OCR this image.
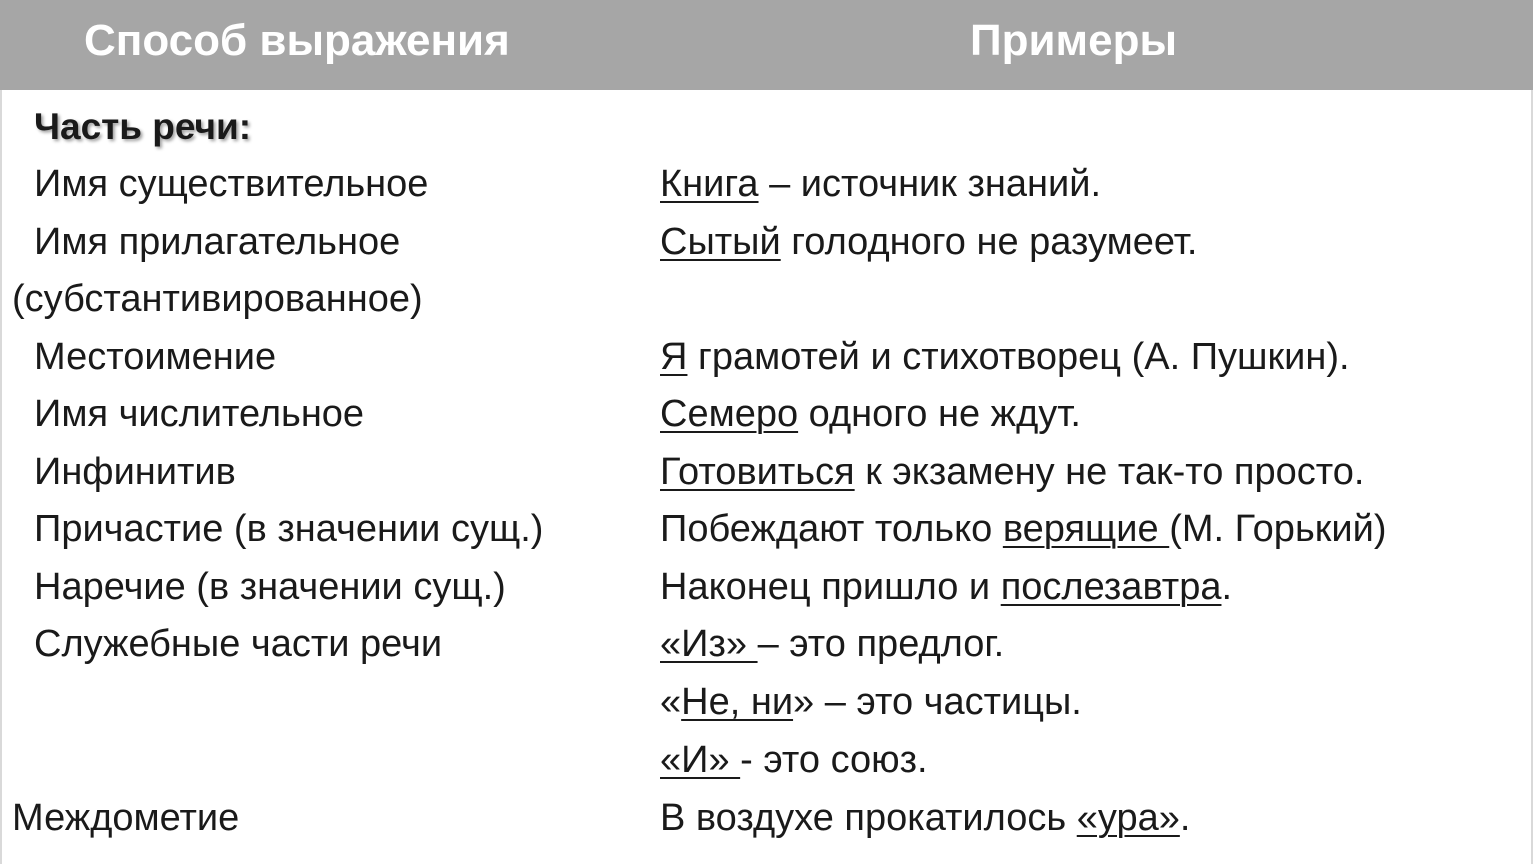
Способ выражения	Примеры
Часть речи:
Имя существительное	Книга – источник знаний.
Имя прилагательное	Сытый голодного не разумеет.
(субстантивированное)
Местоимение	Я грамотей и стихотворец (А. Пушкин).
Имя числительное	Семеро одного не ждут.
Инфинитив	Готовиться к экзамену не так-то просто.
Причастие (в значении сущ.)	Побеждают только верящие (М. Горький)
Наречие (в значении сущ.)	Наконец пришло и послезавтра.
Служебные части речи	«Из» – это предлог.
«Не, ни» – это частицы.
«И» - это союз.
Междометие	В воздухе прокатилось «ура».
